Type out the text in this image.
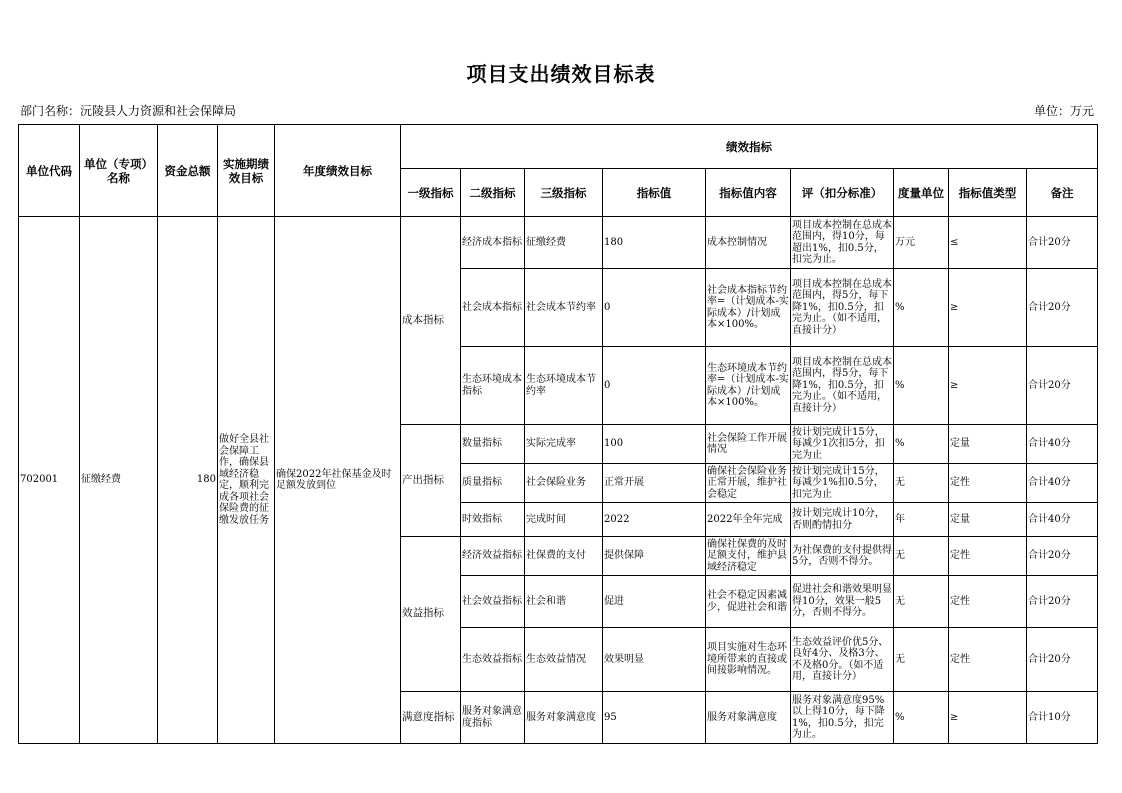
项目支出绩效目标表
部门名称：沅陵县人力资源和社会保障局	单位：万元
单位代码	单位（专项）名称	资金总额	实施期绩效目标	年度绩效目标	绩效指标								
					一级指标	二级指标	三级指标	指标值	指标值内容	评（扣分标准）	度量单位	指标值类型	备注
702001	征缴经费	180	做好全县社会保障工作，确保县域经济稳定，顺利完成各项社会保险费的征缴发放任务	确保2022年社保基金及时足额发放到位	成本指标	经济成本指标	征缴经费	180	成本控制情况	项目成本控制在总成本范围内，得10分，每超出1%，扣0.5分，扣完为止。	万元	≤	合计20分
						社会成本指标	社会成本节约率	0	社会成本指标节约率=（计划成本-实际成本）/计划成本×100%。	项目成本控制在总成本范围内，得5分，每下降1%，扣0.5分，扣完为止。（如不适用，直接计分）	%	≥	合计20分
						生态环境成本指标	生态环境成本节约率	0	生态环境成本节约率=（计划成本-实际成本）/计划成本×100%。	项目成本控制在总成本范围内，得5分，每下降1%，扣0.5分，扣完为止。（如不适用，直接计分）	%	≥	合计20分
					产出指标	数量指标	实际完成率	100	社会保险工作开展情况	按计划完成计15分，每减少1次扣5分，扣完为止	%	定量	合计40分
						质量指标	社会保险业务	正常开展	确保社会保险业务正常开展，维护社会稳定	按计划完成计15分，每减少1%扣0.5分，扣完为止	无	定性	合计40分
						时效指标	完成时间	2022	2022年全年完成	按计划完成计10分，否则酌情扣分	年	定量	合计40分
					效益指标	经济效益指标	社保费的支付	提供保障	确保社保费的及时足额支付，维护县域经济稳定	为社保费的支付提供得5分，否则不得分。	无	定性	合计20分
						社会效益指标	社会和谐	促进	社会不稳定因素减少，促进社会和谐	促进社会和谐效果明显得10分，效果一般5分，否则不得分。	无	定性	合计20分
						生态效益指标	生态效益情况	效果明显	项目实施对生态环境所带来的直接或间接影响情况。	生态效益评价优5分、良好4分、及格3分、不及格0分。（如不适用，直接计分）	无	定性	合计20分
					满意度指标	服务对象满意度指标	服务对象满意度	95	服务对象满意度	服务对象满意度95%以上得10分，每下降1%，扣0.5分，扣完为止。	%	≥	合计10分
